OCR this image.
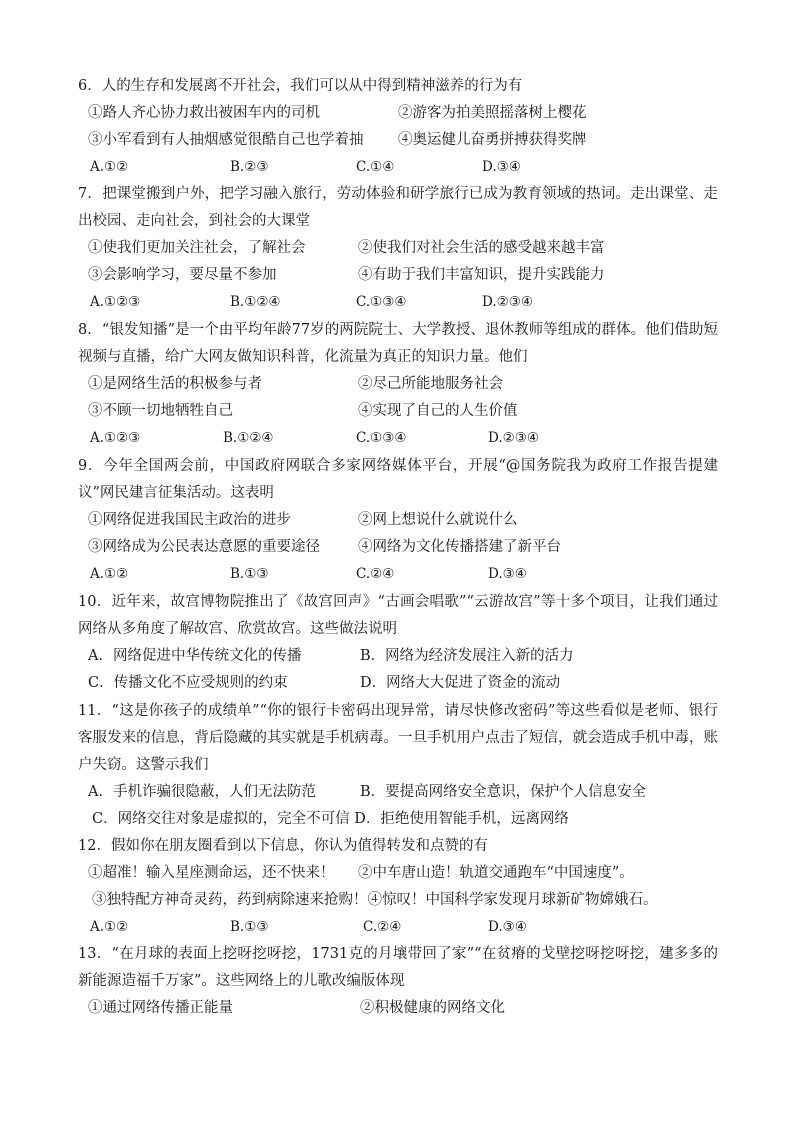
6．人的生存和发展离不开社会，我们可以从中得到精神滋养的行为有

①路人齐心协力救出被困车内的司机	②游客为拍美照摇落树上樱花
③小军看到有人抽烟感觉很酷自己也学着抽 ④奥运健儿奋勇拼搏获得奖牌
A.①②	B.②③	C.①④	D.③④

7．把课堂搬到户外，把学习融入旅行，劳动体验和研学旅行已成为教育领域的热词。走出课堂、走出校园、走向社会，到社会的大课堂

①使我们更加关注社会，了解社会	②使我们对社会生活的感受越来越丰富
③会影响学习，要尽量不参加	④有助于我们丰富知识，提升实践能力
A.①②③	B.①②④	C.①③④	D.②③④

8．“银发知播”是一个由平均年龄77岁的两院院士、大学教授、退休教师等组成的群体。他们借助短视频与直播，给广大网友做知识科普，化流量为真正的知识力量。他们

①是网络生活的积极参与者	②尽己所能地服务社会
③不顾一切地牺牲自己	④实现了自己的人生价值
A.①②③	B.①②④	C.①③④	D.②③④

9．今年全国两会前，中国政府网联合多家网络媒体平台，开展“@国务院我为政府工作报告提建议”网民建言征集活动。这表明

①网络促进我国民主政治的进步	②网上想说什么就说什么
③网络成为公民表达意愿的重要途径	④网络为文化传播搭建了新平台
A.①②	B.①③	C.②④	D.③④

10．近年来，故宫博物院推出了《故宫回声》“古画会唱歌”“云游故宫”等十多个项目，让我们通过网络从多角度了解故宫、欣赏故宫。这些做法说明

A．网络促进中华传统文化的传播	B．网络为经济发展注入新的活力
C．传播文化不应受规则的约束	D．网络大大促进了资金的流动

11．“这是你孩子的成绩单”“你的银行卡密码出现异常，请尽快修改密码”等这些看似是老师、银行客服发来的信息，背后隐藏的其实就是手机病毒。一旦手机用户点击了短信，就会造成手机中毒，账户失窃。这警示我们

A．手机诈骗很隐蔽，人们无法防范	B．要提高网络安全意识，保护个人信息安全
C．网络交往对象是虚拟的，完全不可信 D．拒绝使用智能手机，远离网络

12．假如你在朋友圈看到以下信息，你认为值得转发和点赞的有

①超准！输入星座测命运，还不快来！ ②中车唐山造！轨道交通跑车“中国速度”。
③独特配方神奇灵药，药到病除速来抢购！④惊叹！中国科学家发现月球新矿物嫦娥石。
A.①②	B.①③	C.②④	D.③④

13．“在月球的表面上挖呀挖呀挖，1731克的月壤带回了家”“在贫瘠的戈壁挖呀挖呀挖，建多多的新能源造福千万家”。这些网络上的儿歌改编版体现

①通过网络传播正能量	②积极健康的网络文化
